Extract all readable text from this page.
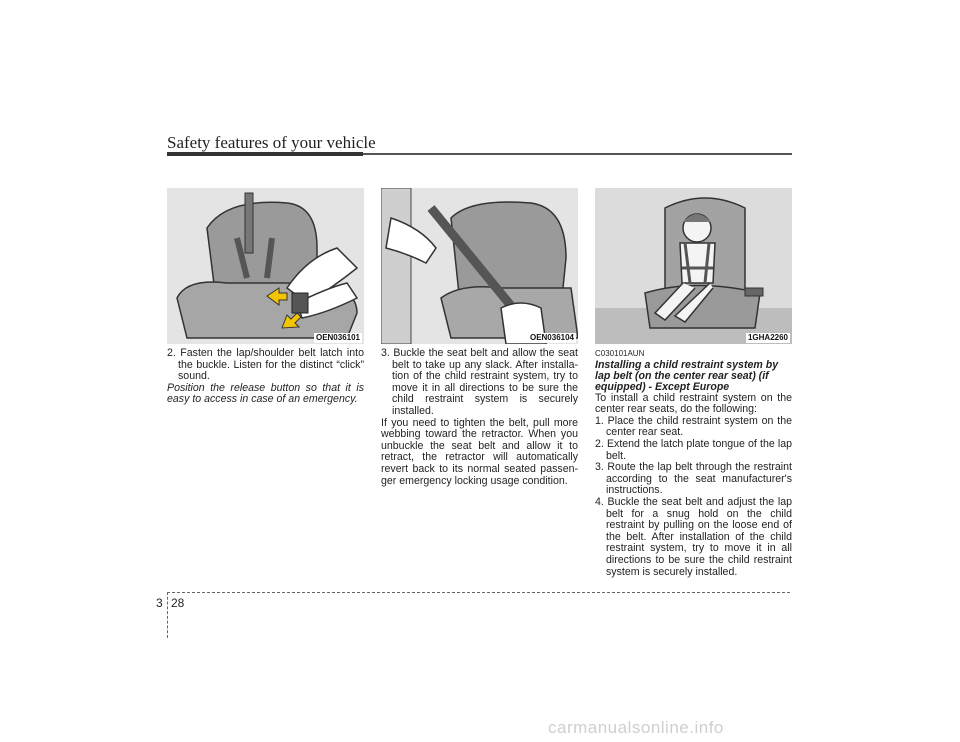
Safety features of your vehicle
OEN036101

2. Fasten the lap/shoulder belt latch into the buckle. Listen for the distinct “click” sound.

Position the release button so that it is easy to access in case of an emergency.

OEN036104

3. Buckle the seat belt and allow the seat belt to take up any slack. After installa-tion of the child restraint system, try to move it in all directions to be sure the child restraint system is securely installed.

If you need to tighten the belt, pull more webbing toward the retractor. When you unbuckle the seat belt and allow it to retract, the retractor will automatically revert back to its normal seated passen-ger emergency locking usage condition.

1GHA2260

C030101AUN

Installing a child restraint system by lap belt (on the center rear seat) (if equipped) - Except Europe

To install a child restraint system on the center rear seats, do the following:

1. Place the child restraint system on the center rear seat.

2. Extend the latch plate tongue of the lap belt.

3. Route the lap belt through the restraint according to the seat manufacturer's instructions.

4. Buckle the seat belt and adjust the lap belt for a snug hold on the child restraint by pulling on the loose end of the belt. After installation of the child restraint system, try to move it in all directions to be sure the child restraint system is securely installed.

3 28
carmanualsonline.info
